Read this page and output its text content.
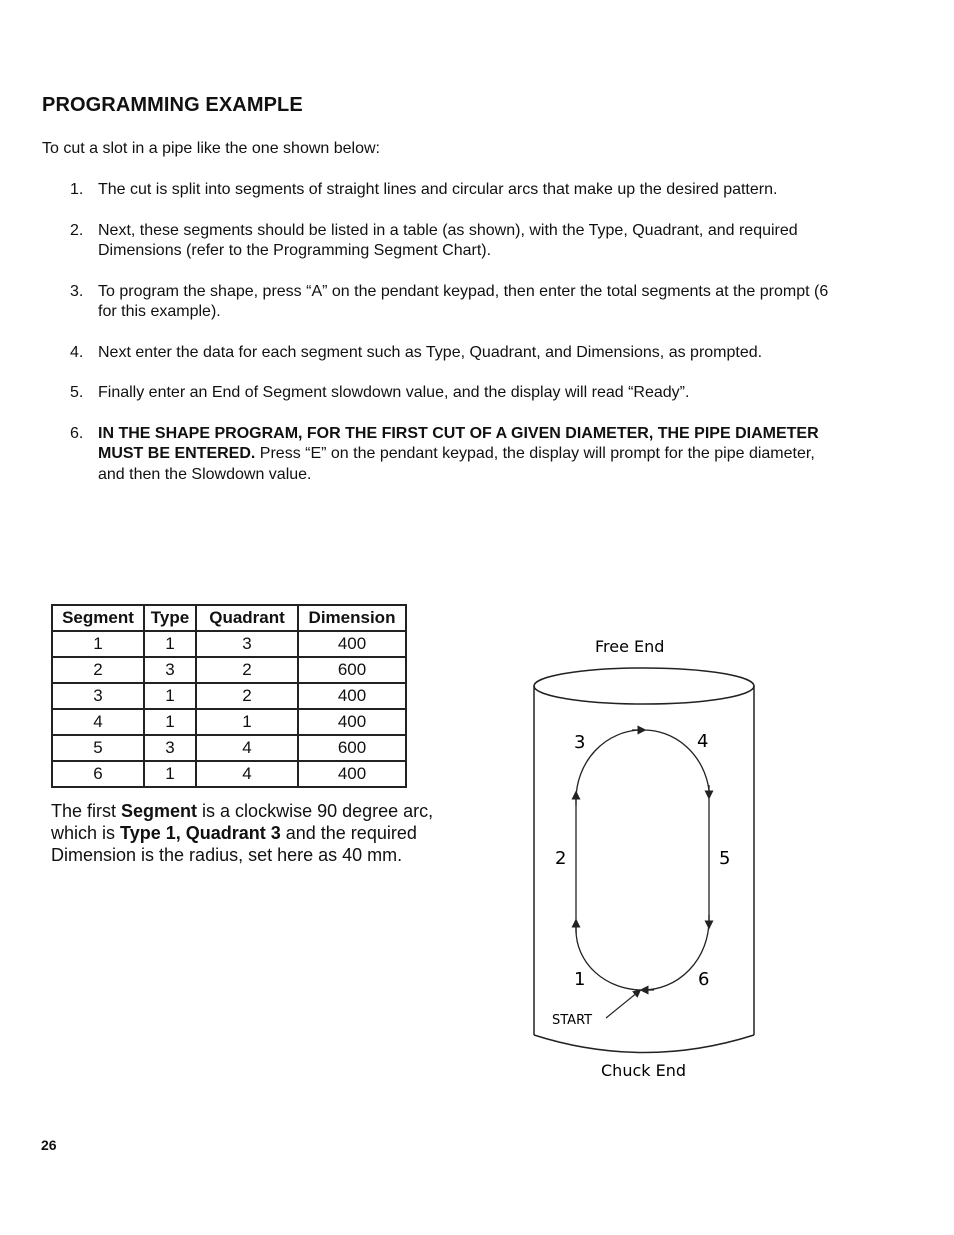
PROGRAMMING EXAMPLE

To cut a slot in a pipe like the one shown below:

1. The cut is split into segments of straight lines and circular arcs that make up the desired pattern.
2. Next, these segments should be listed in a table (as shown), with the Type, Quadrant, and required Dimensions (refer to the Programming Segment Chart).
3. To program the shape, press “A” on the pendant keypad, then enter the total segments at the prompt (6 for this example).
4. Next enter the data for each segment such as Type, Quadrant, and Dimensions, as prompted.
5. Finally enter an End of Segment slowdown value, and the display will read “Ready”.
6. IN THE SHAPE PROGRAM, FOR THE FIRST CUT OF A GIVEN DIAMETER, THE PIPE DIAMETER MUST BE ENTERED. Press “E” on the pendant keypad, the display will prompt for the pipe diameter, and then the Slowdown value.
Segment	Type	Quadrant	Dimension
1	1	3	400
2	3	2	600
3	1	2	400
4	1	1	400
5	3	4	600
6	1	4	400

The first Segment is a clockwise 90 degree arc, which is Type 1, Quadrant 3 and the required Dimension is the radius, set here as 40 mm.

Free End
Chuck End
START
1
2
3	4
5
6
26
